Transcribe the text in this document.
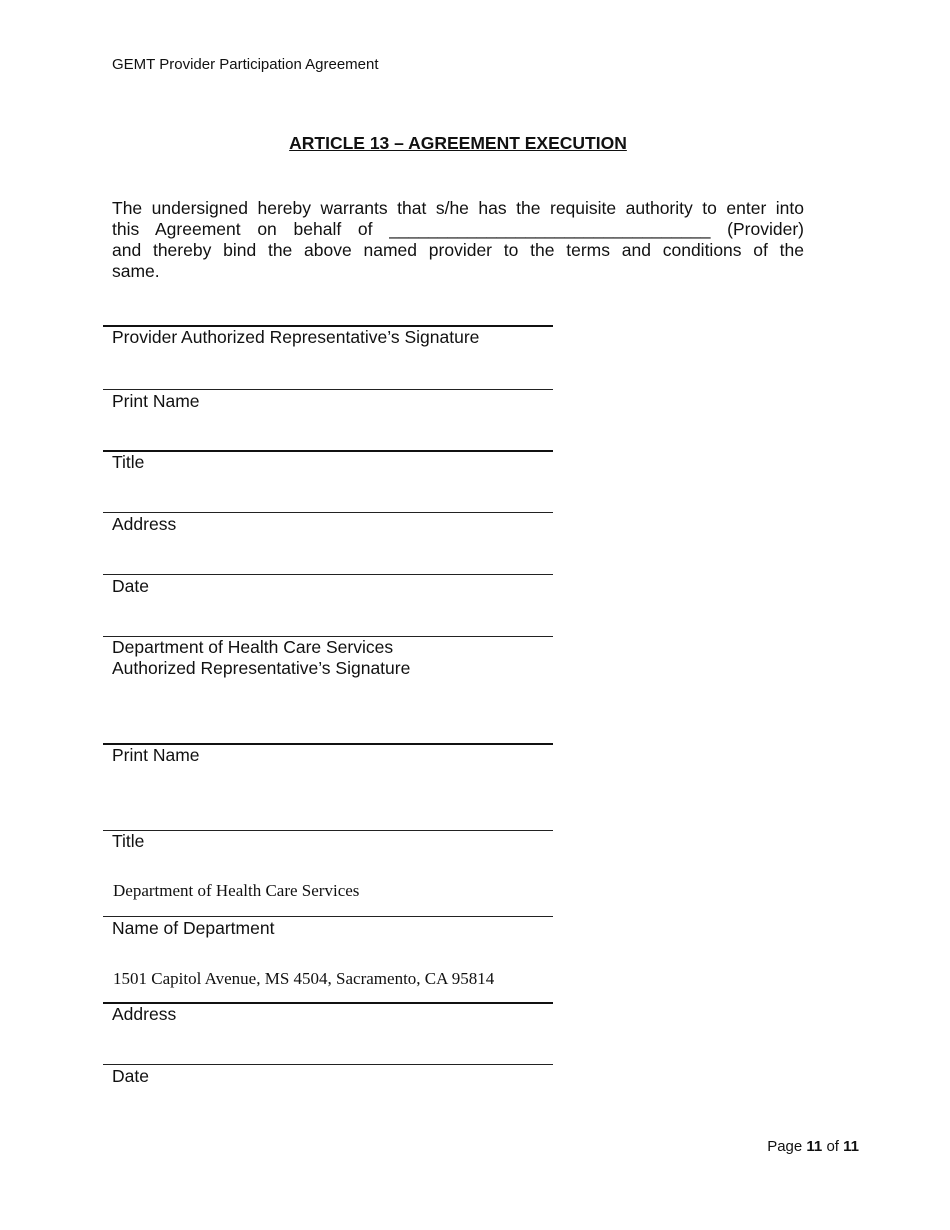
GEMT Provider Participation Agreement
ARTICLE 13 – AGREEMENT EXECUTION
The undersigned hereby warrants that s/he has the requisite authority to enter into
this Agreement on behalf of _________________________________ (Provider)
and thereby bind the above named provider to the terms and conditions of the
same.
Provider Authorized Representative’s Signature
Print Name
Title
Address
Date
Department of Health Care Services
Authorized Representative’s Signature
Print Name
Title
Department of Health Care Services
Name of Department
1501 Capitol Avenue, MS 4504, Sacramento, CA 95814
Address
Date
Page 11 of 11
